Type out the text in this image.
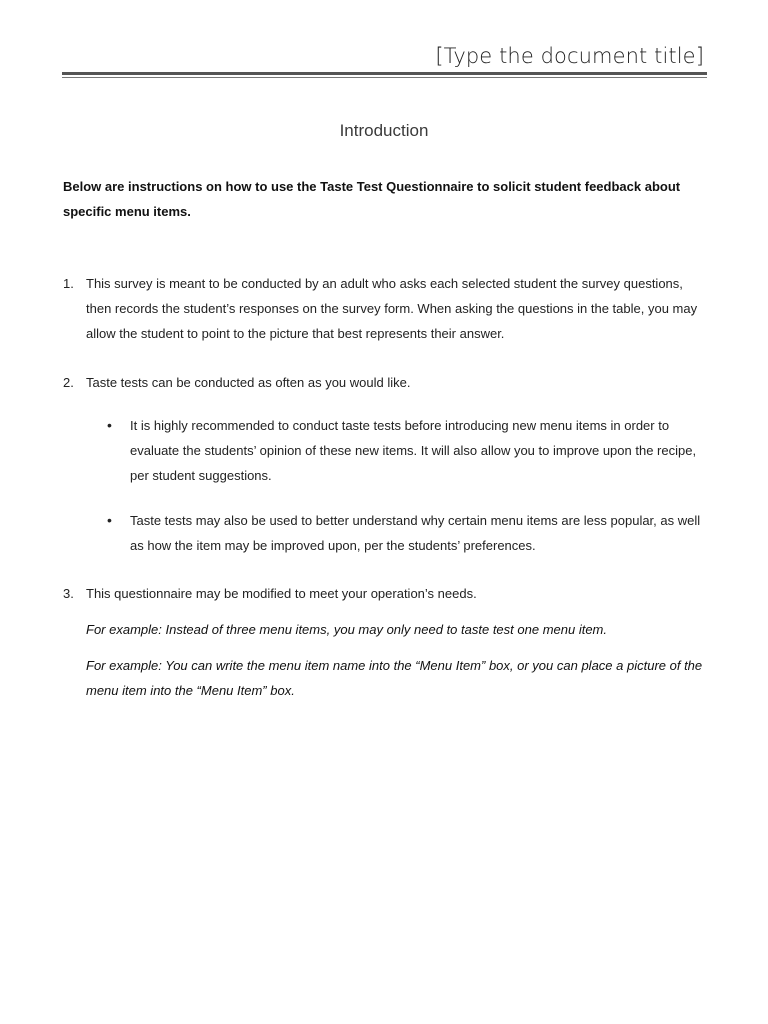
[Type the document title]
Introduction
Below are instructions on how to use the Taste Test Questionnaire to solicit student feedback about specific menu items.
1. This survey is meant to be conducted by an adult who asks each selected student the survey questions, then records the student’s responses on the survey form. When asking the questions in the table, you may allow the student to point to the picture that best represents their answer.
2. Taste tests can be conducted as often as you would like.
• It is highly recommended to conduct taste tests before introducing new menu items in order to evaluate the students’ opinion of these new items. It will also allow you to improve upon the recipe, per student suggestions.
• Taste tests may also be used to better understand why certain menu items are less popular, as well as how the item may be improved upon, per the students’ preferences.
3. This questionnaire may be modified to meet your operation’s needs.
For example: Instead of three menu items, you may only need to taste test one menu item.
For example: You can write the menu item name into the “Menu Item” box, or you can place a picture of the menu item into the “Menu Item” box.
